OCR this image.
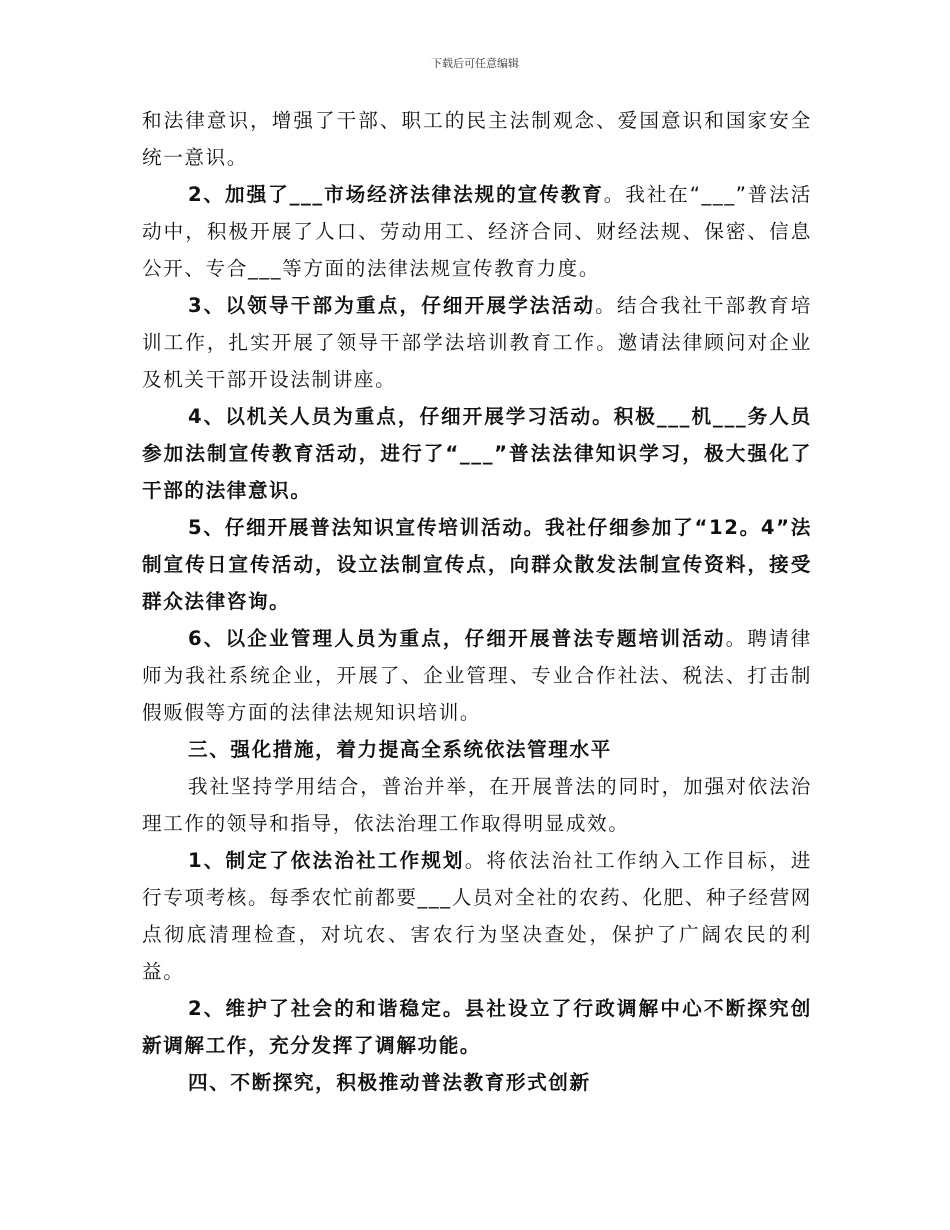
下载后可任意编辑

和法律意识，增强了干部、职工的民主法制观念、爱国意识和国家安全统一意识。

2、加强了___市场经济法律法规的宣传教育。我社在“___”普法活动中，积极开展了人口、劳动用工、经济合同、财经法规、保密、信息公开、专合___等方面的法律法规宣传教育力度。

3、以领导干部为重点，仔细开展学法活动。结合我社干部教育培训工作，扎实开展了领导干部学法培训教育工作。邀请法律顾问对企业及机关干部开设法制讲座。

4、以机关人员为重点，仔细开展学习活动。积极___机___务人员参加法制宣传教育活动，进行了“___”普法法律知识学习，极大强化了干部的法律意识。

5、仔细开展普法知识宣传培训活动。我社仔细参加了“12。4”法制宣传日宣传活动，设立法制宣传点，向群众散发法制宣传资料，接受群众法律咨询。

6、以企业管理人员为重点，仔细开展普法专题培训活动。聘请律师为我社系统企业，开展了、企业管理、专业合作社法、税法、打击制假贩假等方面的法律法规知识培训。

三、强化措施，着力提高全系统依法管理水平

我社坚持学用结合，普治并举，在开展普法的同时，加强对依法治理工作的领导和指导，依法治理工作取得明显成效。

1、制定了依法治社工作规划。将依法治社工作纳入工作目标，进行专项考核。每季农忙前都要___人员对全社的农药、化肥、种子经营网点彻底清理检查，对坑农、害农行为坚决查处，保护了广阔农民的利益。

2、维护了社会的和谐稳定。县社设立了行政调解中心不断探究创新调解工作，充分发挥了调解功能。

四、不断探究，积极推动普法教育形式创新
